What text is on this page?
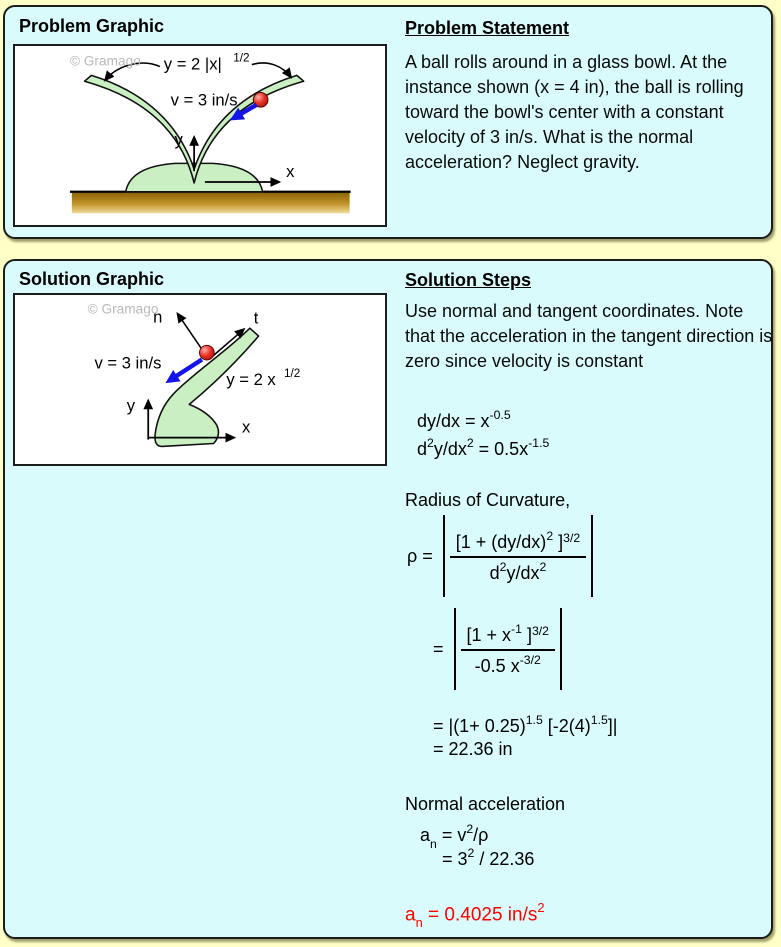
Problem Graphic
© Gramago y = 2 |x| 1/2
v = 3 in/s
y
x
Problem Statement
A ball rolls around in a glass bowl. At the instance shown (x = 4 in), the ball is rolling toward the bowl's center with a constant velocity of 3 in/s. What is the normal acceleration? Neglect gravity.
Solution Graphic
© Gramago
n	t
v = 3 in/s
y = 2 x 1/2
y
x
Solution Steps
Use normal and tangent coordinates. Note that the acceleration in the tangent direction is zero since velocity is constant
$dy/dx = x^{-0.5}$
$d^2y/dx^2 = 0.5x^{-1.5}$
Radius of Curvature,
$\rho = \frac{[1 + (dy/dx)^2 ]^{3/2}}{d^2y/dx^2}$
= $\frac{[1 + x^{-1} ]^{3/2}}{-0.5 x^{-3/2}}$
= $|(1+ 0.25)^{1.5}$ $[-2(4)^{1.5}]|$
= 22.36 in
Normal acceleration
$a_n = v^2/\rho$
= $3^2 / 22.36$
$a_n = 0.4025$ $in/s^2$
